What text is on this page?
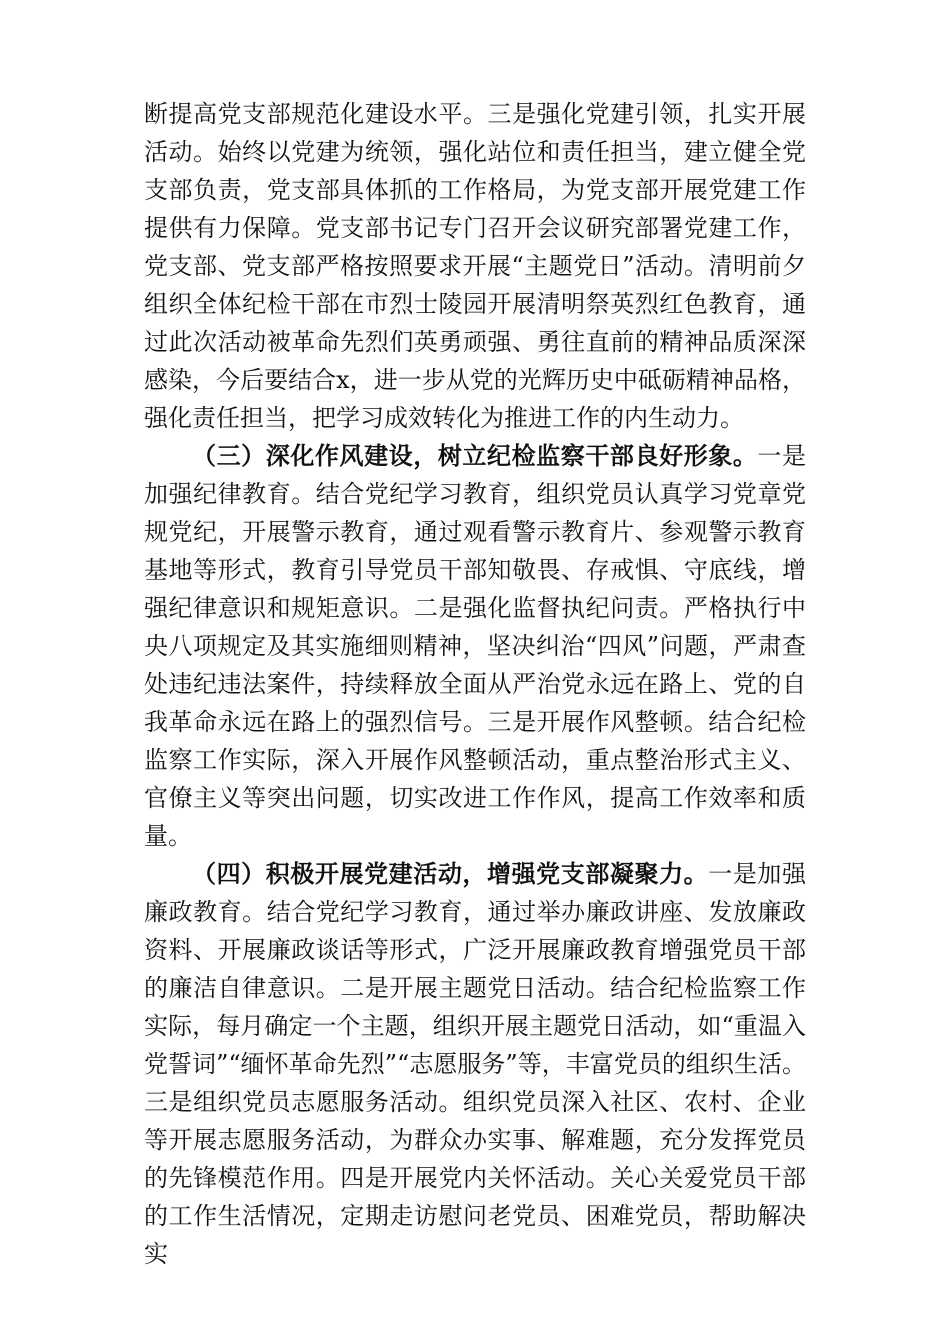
断提高党支部规范化建设水平。三是强化党建引领，扎实开展活动。始终以党建为统领，强化站位和责任担当，建立健全党支部负责，党支部具体抓的工作格局，为党支部开展党建工作提供有力保障。党支部书记专门召开会议研究部署党建工作，党支部、党支部严格按照要求开展“主题党日”活动。清明前夕组织全体纪检干部在市烈士陵园开展清明祭英烈红色教育，通过此次活动被革命先烈们英勇顽强、勇往直前的精神品质深深感染，今后要结合x，进一步从党的光辉历史中砥砺精神品格，强化责任担当，把学习成效转化为推进工作的内生动力。

（三）深化作风建设，树立纪检监察干部良好形象。一是加强纪律教育。结合党纪学习教育，组织党员认真学习党章党规党纪，开展警示教育，通过观看警示教育片、参观警示教育基地等形式，教育引导党员干部知敬畏、存戒惧、守底线，增强纪律意识和规矩意识。二是强化监督执纪问责。严格执行中央八项规定及其实施细则精神，坚决纠治“四风”问题，严肃查处违纪违法案件，持续释放全面从严治党永远在路上、党的自我革命永远在路上的强烈信号。三是开展作风整顿。结合纪检监察工作实际，深入开展作风整顿活动，重点整治形式主义、官僚主义等突出问题，切实改进工作作风，提高工作效率和质量。

（四）积极开展党建活动，增强党支部凝聚力。一是加强廉政教育。结合党纪学习教育，通过举办廉政讲座、发放廉政资料、开展廉政谈话等形式，广泛开展廉政教育增强党员干部的廉洁自律意识。二是开展主题党日活动。结合纪检监察工作实际，每月确定一个主题，组织开展主题党日活动，如“重温入党誓词”“缅怀革命先烈”“志愿服务”等，丰富党员的组织生活。三是组织党员志愿服务活动。组织党员深入社区、农村、企业等开展志愿服务活动，为群众办实事、解难题，充分发挥党员的先锋模范作用。四是开展党内关怀活动。关心关爱党员干部的工作生活情况，定期走访慰问老党员、困难党员，帮助解决实
